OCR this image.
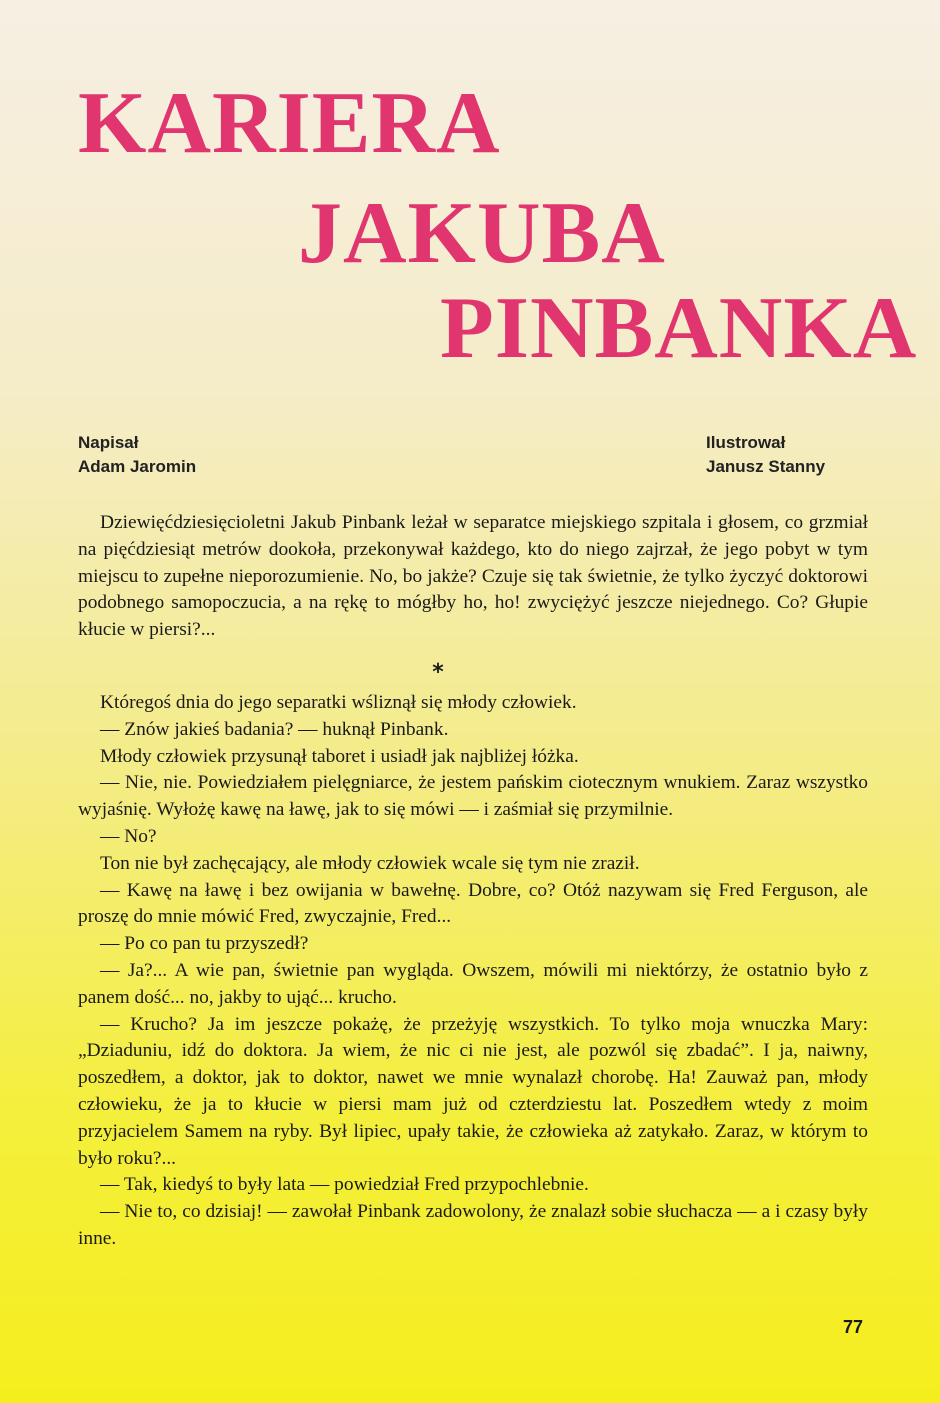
KARIERA
JAKUBA
PINBANKA
Napisał
Adam Jaromin
Ilustrował
Janusz Stanny

Dziewięćdziesięcioletni Jakub Pinbank leżał w separatce miejskiego szpitala i głosem, co grzmiał na pięćdziesiąt metrów dookoła, przekonywał każdego, kto do niego zajrzał, że jego pobyt w tym miejscu to zupełne nieporozumienie. No, bo jakże? Czuje się tak świetnie, że tylko życzyć doktorowi podobnego samopoczucia, a na rękę to mógłby ho, ho! zwyciężyć jeszcze niejednego. Co? Głupie kłucie w piersi?...

*

Któregoś dnia do jego separatki wśliznął się młody człowiek.

— Znów jakieś badania? — huknął Pinbank.

Młody człowiek przysunął taboret i usiadł jak najbliżej łóżka.

— Nie, nie. Powiedziałem pielęgniarce, że jestem pańskim ciotecznym wnukiem. Zaraz wszystko wyjaśnię. Wyłożę kawę na ławę, jak to się mówi — i zaśmiał się przymilnie.

— No?

Ton nie był zachęcający, ale młody człowiek wcale się tym nie zraził.

— Kawę na ławę i bez owijania w bawełnę. Dobre, co? Otóż nazywam się Fred Ferguson, ale proszę do mnie mówić Fred, zwyczajnie, Fred...

— Po co pan tu przyszedł?

— Ja?... A wie pan, świetnie pan wygląda. Owszem, mówili mi niektórzy, że ostatnio było z panem dość... no, jakby to ująć... krucho.

— Krucho? Ja im jeszcze pokażę, że przeżyję wszystkich. To tylko moja wnuczka Mary: „Dziaduniu, idź do doktora. Ja wiem, że nic ci nie jest, ale pozwól się zbadać”. I ja, naiwny, poszedłem, a doktor, jak to doktor, nawet we mnie wynalazł chorobę. Ha! Zauważ pan, młody człowieku, że ja to kłucie w piersi mam już od czterdziestu lat. Poszedłem wtedy z moim przyjacielem Samem na ryby. Był lipiec, upały takie, że człowieka aż zatykało. Zaraz, w którym to było roku?...

— Tak, kiedyś to były lata — powiedział Fred przypochlebnie.

— Nie to, co dzisiaj! — zawołał Pinbank zadowolony, że znalazł sobie słuchacza — a i czasy były inne.

77
